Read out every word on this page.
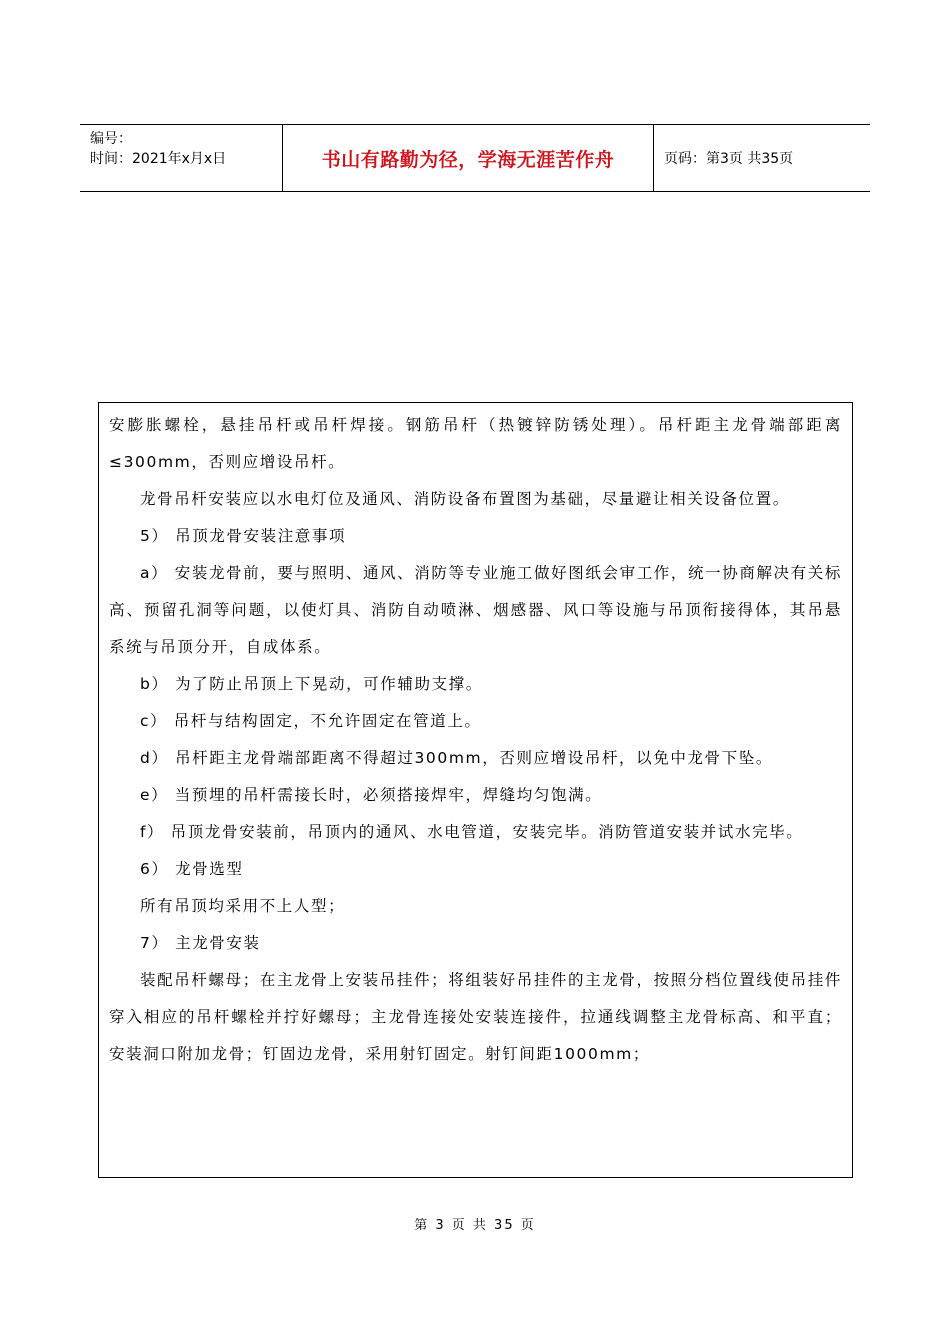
编号：
时间：2021年x月x日	书山有路勤为径，学海无涯苦作舟	页码：第3页 共35页

安膨胀螺栓，悬挂吊杆或吊杆焊接。钢筋吊杆（热镀锌防锈处理）。吊杆距主龙骨端部距离≤300mm，否则应增设吊杆。

龙骨吊杆安装应以水电灯位及通风、消防设备布置图为基础，尽量避让相关设备位置。

5） 吊顶龙骨安装注意事项

a） 安装龙骨前，要与照明、通风、消防等专业施工做好图纸会审工作，统一协商解决有关标高、预留孔洞等问题，以使灯具、消防自动喷淋、烟感器、风口等设施与吊顶衔接得体，其吊悬系统与吊顶分开，自成体系。

b） 为了防止吊顶上下晃动，可作辅助支撑。

c） 吊杆与结构固定，不允许固定在管道上。

d） 吊杆距主龙骨端部距离不得超过300mm，否则应增设吊杆，以免中龙骨下坠。

e） 当预埋的吊杆需接长时，必须搭接焊牢，焊缝均匀饱满。

f） 吊顶龙骨安装前，吊顶内的通风、水电管道，安装完毕。消防管道安装并试水完毕。

6） 龙骨选型

所有吊顶均采用不上人型；

7） 主龙骨安装

装配吊杆螺母；在主龙骨上安装吊挂件；将组装好吊挂件的主龙骨，按照分档位置线使吊挂件穿入相应的吊杆螺栓并拧好螺母；主龙骨连接处安装连接件，拉通线调整主龙骨标高、和平直；安装洞口附加龙骨；钉固边龙骨，采用射钉固定。射钉间距1000mm；

第 3 页 共 35 页
